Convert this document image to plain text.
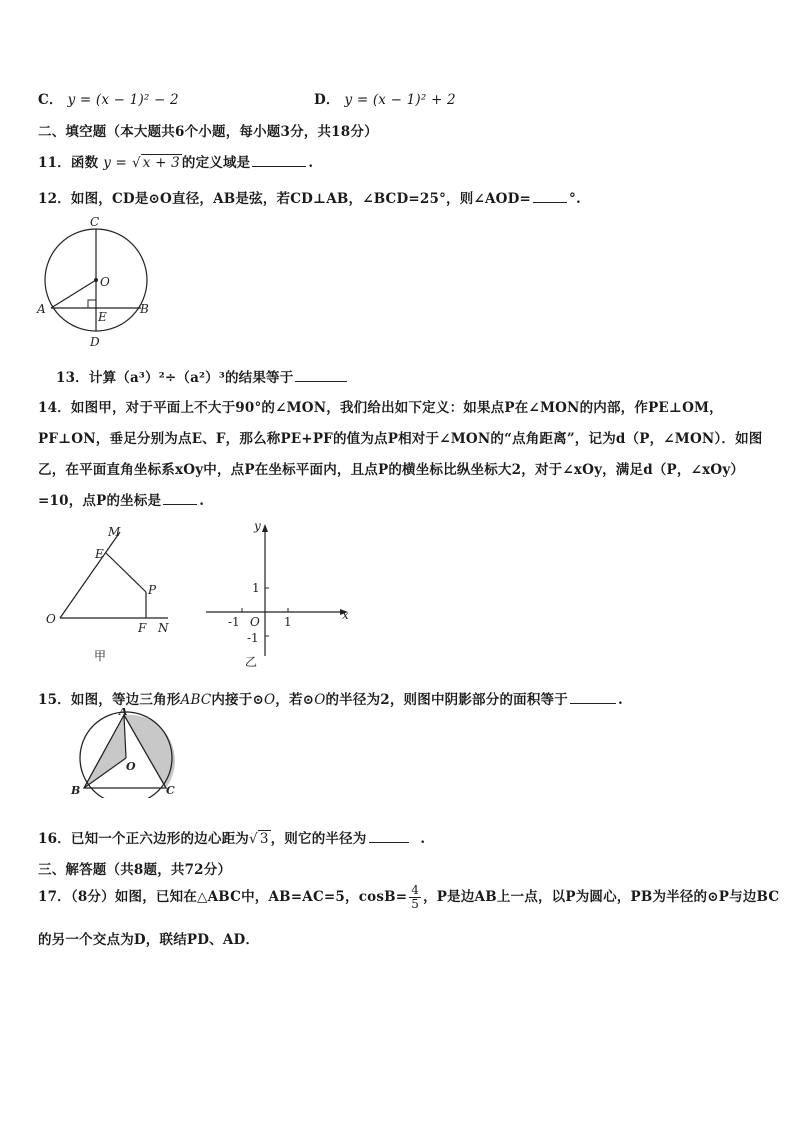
C． y = (x − 1)² − 2	D． y = (x − 1)² + 2
二、填空题（本大题共6个小题，每小题3分，共18分）
11．函数 y = √ x + 3 的定义域是	.
12．如图，CD是⊙O直径，AB是弦，若CD⊥AB，∠BCD=25°，则∠AOD=	°.
C
O
A	B
E
D
13．计算（a³）²÷（a²）³的结果等于
14．如图甲，对于平面上不大于90°的∠MON，我们给出如下定义：如果点P在∠MON的内部，作PE⊥OM，
PF⊥ON，垂足分别为点E、F，那么称PE+PF的值为点P相对于∠MON的“点角距离”，记为d（P，∠MON）．如图
乙，在平面直角坐标系xOy中，点P在坐标平面内，且点P的横坐标比纵坐标大2，对于∠xOy，满足d（P，∠xOy）
=10，点P的坐标是	.
M
E
P
O
F N
甲
y
x
1
-1 O 1
-1
乙
15．如图，等边三角形ABC内接于⊙O，若⊙O的半径为2，则图中阴影部分的面积等于	.
A
O
B	C
16．已知一个正六边形的边心距为√ 3 ，则它的半径为	.
三、解答题（共8题，共72分）
17．（8分）如图，已知在△ABC中，AB=AC=5，$\cos B= \frac{4}{5}$ ，P是边AB上一点，以P为圆心，PB为半径的⊙P与边BC
的另一个交点为D，联结PD、AD．
